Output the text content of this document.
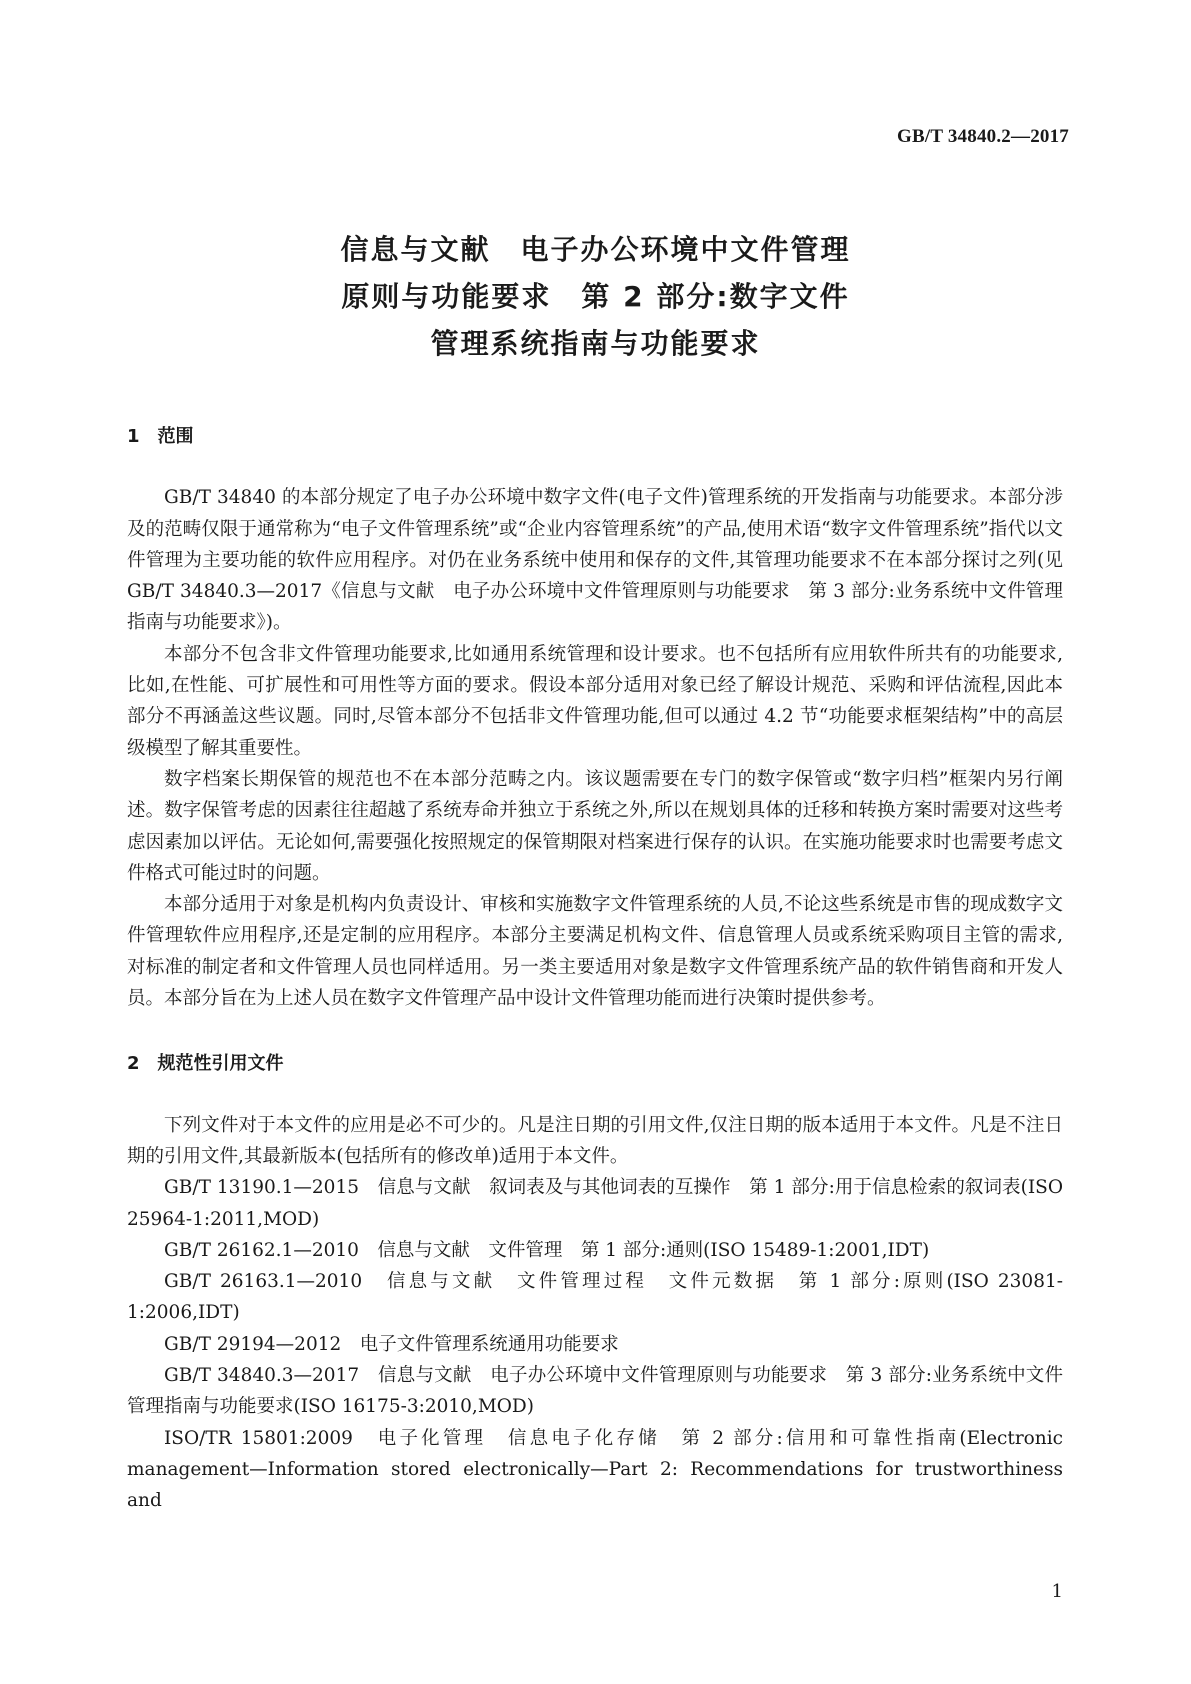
GB/T 34840.2—2017
信息与文献　电子办公环境中文件管理
原则与功能要求　第 2 部分:数字文件
管理系统指南与功能要求
1　范围

GB/T 34840 的本部分规定了电子办公环境中数字文件(电子文件)管理系统的开发指南与功能要求。本部分涉及的范畴仅限于通常称为“电子文件管理系统”或“企业内容管理系统”的产品,使用术语“数字文件管理系统”指代以文件管理为主要功能的软件应用程序。对仍在业务系统中使用和保存的文件,其管理功能要求不在本部分探讨之列(见 GB/T 34840.3—2017《信息与文献　电子办公环境中文件管理原则与功能要求　第 3 部分:业务系统中文件管理指南与功能要求》)。

本部分不包含非文件管理功能要求,比如通用系统管理和设计要求。也不包括所有应用软件所共有的功能要求,比如,在性能、可扩展性和可用性等方面的要求。假设本部分适用对象已经了解设计规范、采购和评估流程,因此本部分不再涵盖这些议题。同时,尽管本部分不包括非文件管理功能,但可以通过 4.2 节“功能要求框架结构”中的高层级模型了解其重要性。

数字档案长期保管的规范也不在本部分范畴之内。该议题需要在专门的数字保管或“数字归档”框架内另行阐述。数字保管考虑的因素往往超越了系统寿命并独立于系统之外,所以在规划具体的迁移和转换方案时需要对这些考虑因素加以评估。无论如何,需要强化按照规定的保管期限对档案进行保存的认识。在实施功能要求时也需要考虑文件格式可能过时的问题。

本部分适用于对象是机构内负责设计、审核和实施数字文件管理系统的人员,不论这些系统是市售的现成数字文件管理软件应用程序,还是定制的应用程序。本部分主要满足机构文件、信息管理人员或系统采购项目主管的需求,对标准的制定者和文件管理人员也同样适用。另一类主要适用对象是数字文件管理系统产品的软件销售商和开发人员。本部分旨在为上述人员在数字文件管理产品中设计文件管理功能而进行决策时提供参考。

2　规范性引用文件

下列文件对于本文件的应用是必不可少的。凡是注日期的引用文件,仅注日期的版本适用于本文件。凡是不注日期的引用文件,其最新版本(包括所有的修改单)适用于本文件。

GB/T 13190.1—2015　信息与文献　叙词表及与其他词表的互操作　第 1 部分:用于信息检索的叙词表(ISO 25964-1:2011,MOD)

GB/T 26162.1—2010　信息与文献　文件管理　第 1 部分:通则(ISO 15489-1:2001,IDT)

GB/T 26163.1—2010　信息与文献　文件管理过程　文件元数据　第 1 部分:原则(ISO 23081-1:2006,IDT)

GB/T 29194—2012　电子文件管理系统通用功能要求

GB/T 34840.3—2017　信息与文献　电子办公环境中文件管理原则与功能要求　第 3 部分:业务系统中文件管理指南与功能要求(ISO 16175-3:2010,MOD)

ISO/TR 15801:2009　电子化管理　信息电子化存储　第 2 部分:信用和可靠性指南(Electronic management—Information stored electronically—Part 2: Recommendations for trustworthiness and

1
